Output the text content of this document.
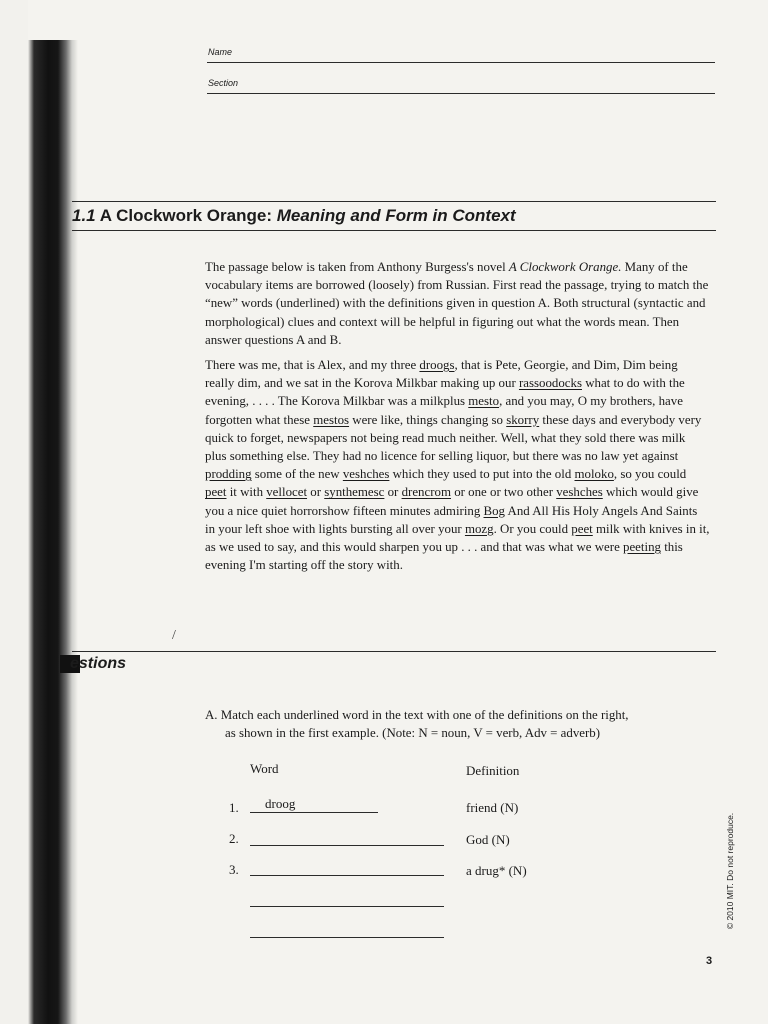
Name
Section
1.1 A Clockwork Orange: Meaning and Form in Context
The passage below is taken from Anthony Burgess's novel A Clockwork Orange. Many of the vocabulary items are borrowed (loosely) from Russian. First read the passage, trying to match the “new” words (underlined) with the definitions given in question A. Both structural (syntactic and morphological) clues and context will be helpful in figuring out what the words mean. Then answer questions A and B.
There was me, that is Alex, and my three droogs, that is Pete, Georgie, and Dim, Dim being really dim, and we sat in the Korova Milkbar making up our rassoodocks what to do with the evening, . . . . The Korova Milkbar was a milkplus mesto, and you may, O my brothers, have forgotten what these mestos were like, things changing so skorry these days and everybody very quick to forget, newspapers not being read much neither. Well, what they sold there was milk plus something else. They had no licence for selling liquor, but there was no law yet against prodding some of the new veshches which they used to put into the old moloko, so you could peet it with vellocet or synthemesc or drencrom or one or two other veshches which would give you a nice quiet horrorshow fifteen minutes admiring Bog And All His Holy Angels And Saints in your left shoe with lights bursting all over your mozg. Or you could peet milk with knives in it, as we used to say, and this would sharpen you up . . . and that was what we were peeting this evening I'm starting off the story with.
/
estions
A. Match each underlined word in the text with one of the definitions on the right,
as shown in the first example. (Note: N = noun, V = verb, Adv = adverb)
Word	Definition
1. droog	friend (N)
2.	God (N)
3.	a drug* (N)	© 2010 MIT. Do not reproduce.
3
